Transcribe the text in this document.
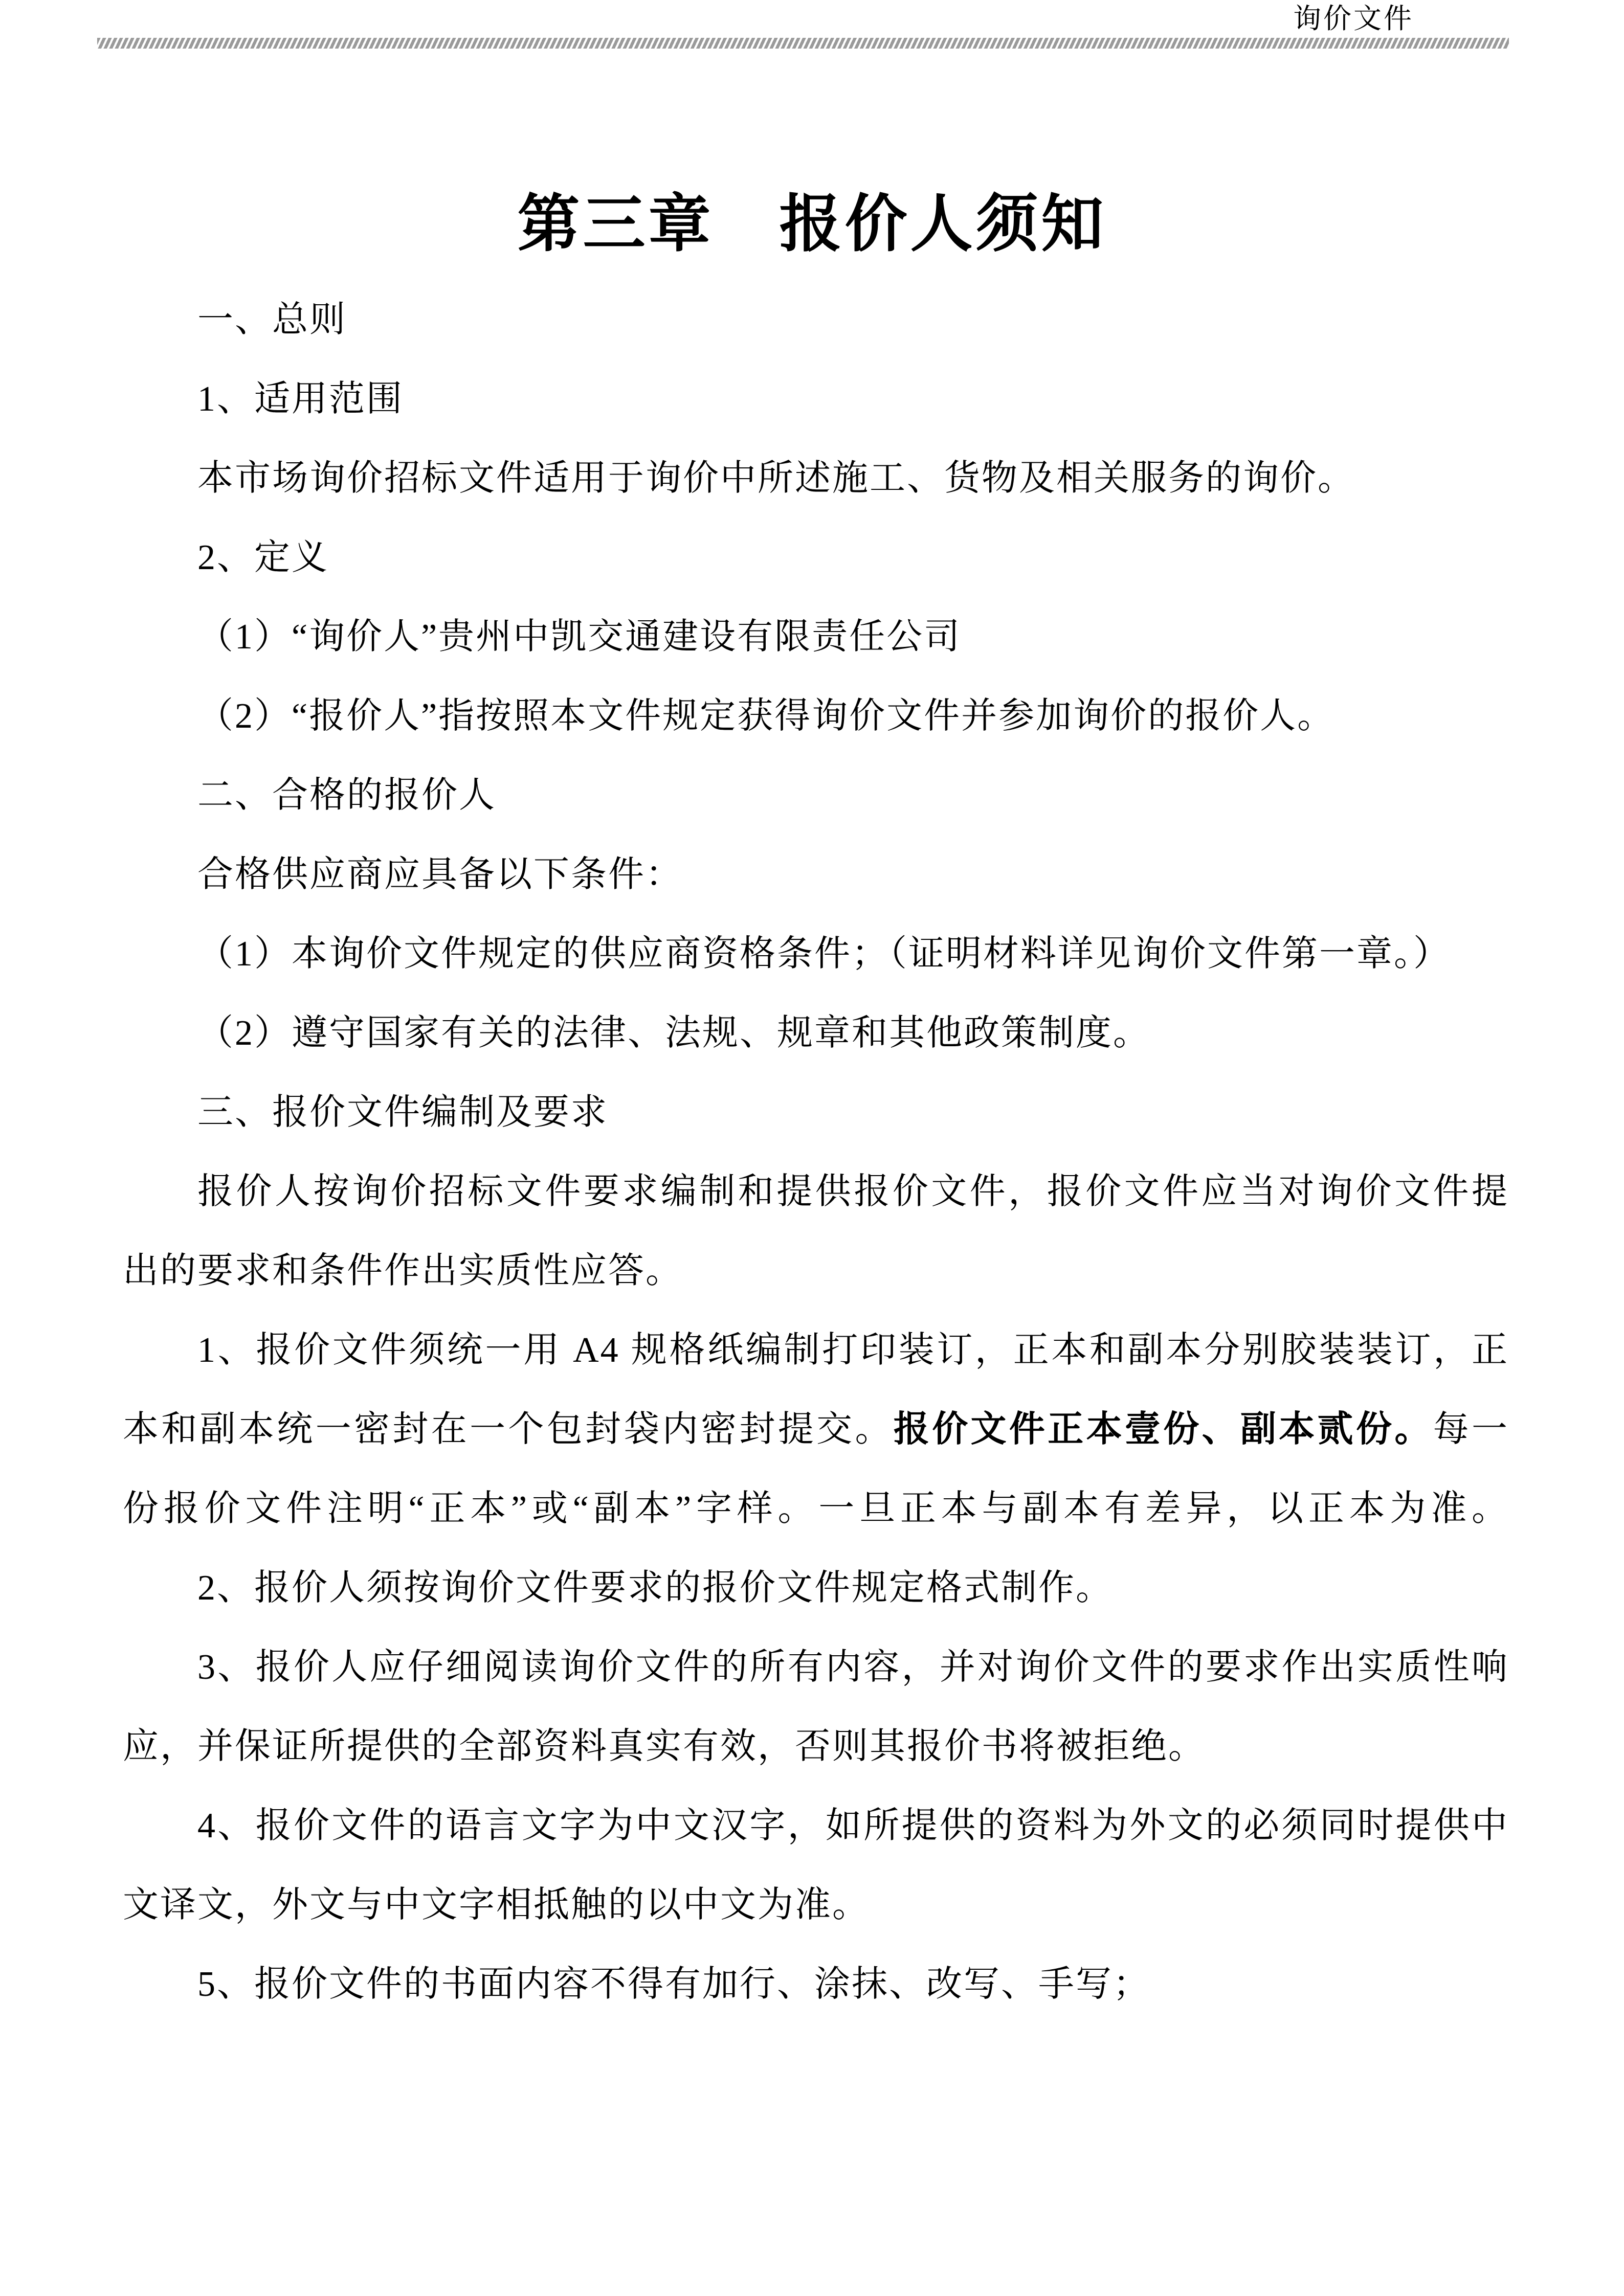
询价文件
第三章　报价人须知
一、总则
1、适用范围
本市场询价招标文件适用于询价中所述施工、货物及相关服务的询价。
2、定义
（1）“询价人”贵州中凯交通建设有限责任公司
（2）“报价人”指按照本文件规定获得询价文件并参加询价的报价人。
二、合格的报价人
合格供应商应具备以下条件：
（1）本询价文件规定的供应商资格条件；（证明材料详见询价文件第一章。）
（2）遵守国家有关的法律、法规、规章和其他政策制度。
三、报价文件编制及要求
报价人按询价招标文件要求编制和提供报价文件，报价文件应当对询价文件提
出的要求和条件作出实质性应答。
1、报价文件须统一用 A4 规格纸编制打印装订，正本和副本分别胶装装订，正
本和副本统一密封在一个包封袋内密封提交。报价文件正本壹份、副本贰份。每一
份报价文件注明“正本”或“副本”字样。一旦正本与副本有差异，以正本为准。
2、报价人须按询价文件要求的报价文件规定格式制作。
3、报价人应仔细阅读询价文件的所有内容，并对询价文件的要求作出实质性响
应，并保证所提供的全部资料真实有效，否则其报价书将被拒绝。
4、报价文件的语言文字为中文汉字，如所提供的资料为外文的必须同时提供中
文译文，外文与中文字相抵触的以中文为准。
5、报价文件的书面内容不得有加行、涂抹、改写、手写；
